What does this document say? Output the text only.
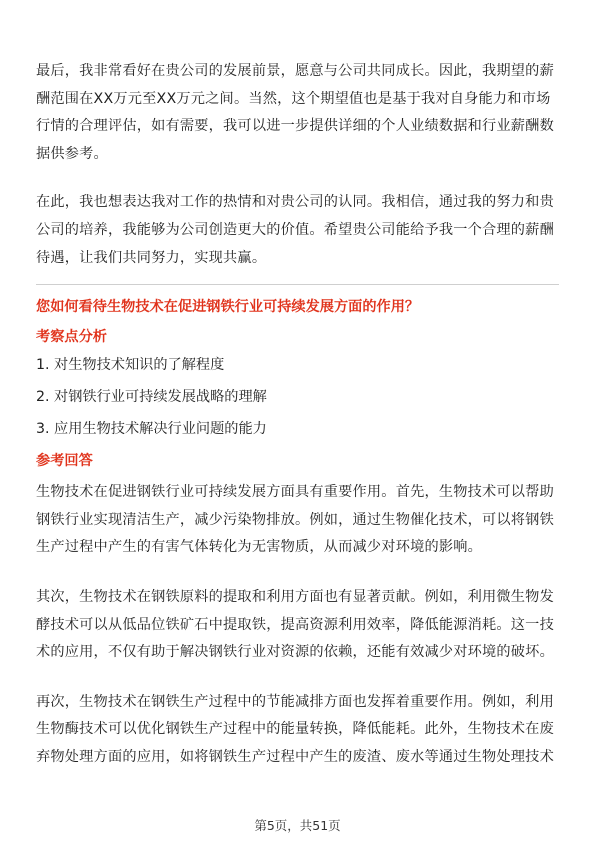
最后，我非常看好在贵公司的发展前景，愿意与公司共同成长。因此，我期望的薪酬范围在XX万元至XX万元之间。当然，这个期望值也是基于我对自身能力和市场行情的合理评估，如有需要，我可以进一步提供详细的个人业绩数据和行业薪酬数据供参考。

在此，我也想表达我对工作的热情和对贵公司的认同。我相信，通过我的努力和贵公司的培养，我能够为公司创造更大的价值。希望贵公司能给予我一个合理的薪酬待遇，让我们共同努力，实现共赢。

您如何看待生物技术在促进钢铁行业可持续发展方面的作用？

考察点分析

1. 对生物技术知识的了解程度
2. 对钢铁行业可持续发展战略的理解
3. 应用生物技术解决行业问题的能力

参考回答

生物技术在促进钢铁行业可持续发展方面具有重要作用。首先，生物技术可以帮助钢铁行业实现清洁生产，减少污染物排放。例如，通过生物催化技术，可以将钢铁生产过程中产生的有害气体转化为无害物质，从而减少对环境的影响。

其次，生物技术在钢铁原料的提取和利用方面也有显著贡献。例如，利用微生物发酵技术可以从低品位铁矿石中提取铁，提高资源利用效率，降低能源消耗。这一技术的应用，不仅有助于解决钢铁行业对资源的依赖，还能有效减少对环境的破坏。

再次，生物技术在钢铁生产过程中的节能减排方面也发挥着重要作用。例如，利用生物酶技术可以优化钢铁生产过程中的能量转换，降低能耗。此外，生物技术在废弃物处理方面的应用，如将钢铁生产过程中产生的废渣、废水等通过生物处理技术

第5页，共51页
